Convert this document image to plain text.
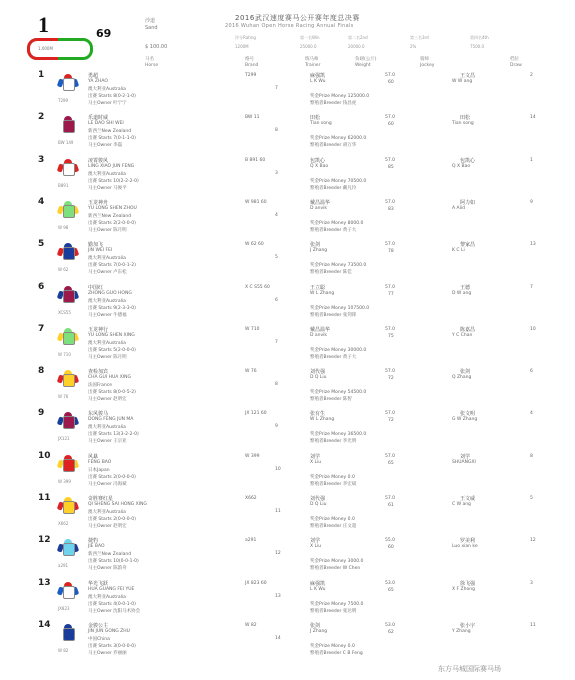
1	69
1,000M
沙道
Sand
2016武汉速度赛马公开赛年度总决赛
2016 Wuhan Open Horse Racing Annual Finals
$ 100.00
评分Rating
1200M
第一名Win
25000.0
第二名2nd
20000.0
第三名3rd
2%
第四名4th
7500.0
马名
Horse
烙号
Brand
练马师
Trainer
负磅(公斤)
Weight
骑师
Jockey
档位
Draw
1
T299
勇超
YA ZHAO
澳大利亚Australia
出赛 Starts 8(0-2-1-0)
马主Owner 叶宁宁
T299
7
麻强凯
L K Wu
57.0
60
王文昌
W W ang
2
奖金Prize Money 125000.0
繁殖者Breeder 钱昌虎
2
BW 149
乐道时威
LE DAO SHI WEI
新西兰New Zealand
出赛 Starts 7(0-1-1-0)
马主Owner 李磊
BW 11
8
田松
Tian song
57.0
60
田松
Tian song
14
奖金Prize Money 62000.0
繁殖者Breeder 胡万华
3
B891
凌霄骏风
LING XIAO JUN FENG
澳大利亚Australia
出赛 Starts 10(2-2-2-0)
马主Owner 马俊平
B 891 60
3
包凯心
Q X Bao
57.0
85
包凯心
Q X Bao
1
奖金Prize Money 70500.0
繁殖者Breeder 戴凡玲
4
W 98
玉龙神舟
YU LONG SHEN ZHOU
新西兰New Zealand
出赛 Starts 2(2-0-0-0)
马主Owner 陈月明
W 981 60
4
戴昌温华
D anvik
57.0
83
阿力如
A Alid
9
奖金Prize Money 8000.0
繁殖者Breeder 黄子大
5
W 62
勤加飞
JIN WEI FEI
澳大利亚Australia
出赛 Starts 7(0-0-1-2)
马主Owner 卢东松
W 62 60
5
张剑
J Zhang
57.0
78
黎家昌
K C Li
13
奖金Prize Money 73500.0
繁殖者Breeder 陈佳
6
XCS55
中国红
ZHONG GUO HONG
澳大利亚Australia
出赛 Starts 9(2-3-3-0)
马主Owner 牛德福
X C S55 60
6
王立聪
W L Zhang
57.0
77
王德
D W ang
7
奖金Prize Money 107500.0
繁殖者Breeder 张剑锋
7
W 710
玉龙神行
YU LONG SHEN XING
澳大利亚Australia
出赛 Starts 5(2-0-0-0)
马主Owner 陈月明
W 710
7
戴昌温华
D anvik
57.0
75
陈嘉昌
Y C Chan
10
奖金Prize Money 30000.0
繁殖者Breeder 黄子大
8
W 76
查检加宾
CHA GUI HUA XING
法国France
出赛 Starts 8(0-0-5-2)
马主Owner 赵明宏
W 76
8
刘代强
D Q Liu
57.0
72
张剑
Q Zhang
6
奖金Prize Money 54500.0
繁殖者Breeder 陈智
9
JX121
东风骏马
DONG FENG JUN MA
澳大利亚Australia
出赛 Starts 13(3-2-2-0)
马主Owner 王宗亚
JX 121 60
9
张有生
W L Zhang
57.0
72
张文明
G W Zhang
4
奖金Prize Money 36500.0
繁殖者Breeder 李光明
10
W 399
风暴
FENG BAO
日本Japan
出赛 Starts 2(0-0-0-0)
马主Owner 冯海斌
W 399
10
刘学
X Liu
57.0
65
刘学
SHUANGXI
8
奖金Prize Money 0.0
繁殖者Breeder 李宏斌
11
X662
奇胜赛红星
QI SHENG SAI HONG XING
澳大利亚Australia
出赛 Starts 2(0-0-0-0)
马主Owner 赵明宏
X662
11
刘代强
D Q Liu
57.0
61
王文威
C W ang
5
奖金Prize Money 0.0
繁殖者Breeder 庄文超
12
a291
捷豹
JIE BAO
新西兰New Zealand
出赛 Starts 10(0-0-1-0)
马主Owner 陈韵舟
a291
12
刘学
X Liu
55.0
60
罗美利
Luo xian ke
12
奖金Prize Money 3000.0
繁殖者Breeder W Chen
13
JX823
华光飞跃
HUA GUANG FEI YUE
澳大利亚Australia
出赛 Starts 4(0-0-1-0)
马主Owner 沈阳马术协会
JX 823 60
13
麻强凯
L K Wu
53.0
65
徐飞强
X F Zhong
3
奖金Prize Money 7500.0
繁殖者Breeder 张达明
14
W 82
金骏公主
JIN JUN GONG ZHU
中国China
出赛 Starts 3(0-0-0-0)
马主Owner 乔丽丽
W 82
14
张剑
J Zhang
53.0
62
张小宇
Y Zhang
11
奖金Prize Money 0.0
繁殖者Breeder C B Feng
东方马城国际赛马场
